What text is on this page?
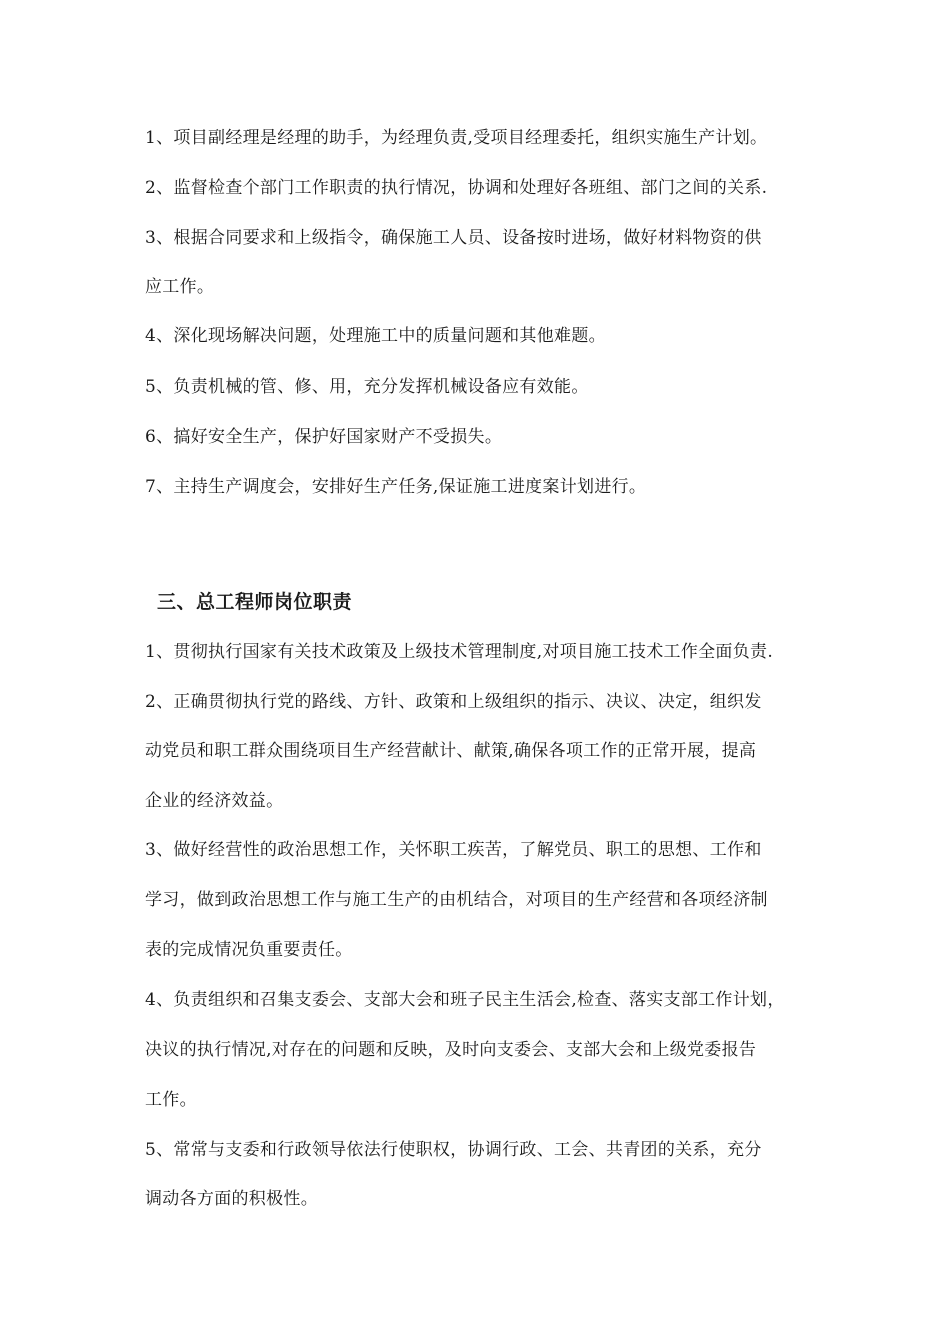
1、项目副经理是经理的助手，为经理负责,受项目经理委托，组织实施生产计划。
2、监督检查个部门工作职责的执行情况，协调和处理好各班组、部门之间的关系.
3、根据合同要求和上级指令，确保施工人员、设备按时进场，做好材料物资的供
应工作。
4、深化现场解决问题，处理施工中的质量问题和其他难题。
5、负责机械的管、修、用，充分发挥机械设备应有效能。
6、搞好安全生产，保护好国家财产不受损失。
7、主持生产调度会，安排好生产任务,保证施工进度案计划进行。
三、总工程师岗位职责
1、贯彻执行国家有关技术政策及上级技术管理制度,对项目施工技术工作全面负责.
2、正确贯彻执行党的路线、方针、政策和上级组织的指示、决议、决定，组织发
动党员和职工群众围绕项目生产经营献计、献策,确保各项工作的正常开展，提高
企业的经济效益。
3、做好经营性的政治思想工作，关怀职工疾苦，了解党员、职工的思想、工作和
学习，做到政治思想工作与施工生产的由机结合，对项目的生产经营和各项经济制
表的完成情况负重要责任。
4、负责组织和召集支委会、支部大会和班子民主生活会,检查、落实支部工作计划，
决议的执行情况,对存在的问题和反映，及时向支委会、支部大会和上级党委报告
工作。
5、常常与支委和行政领导依法行使职权，协调行政、工会、共青团的关系，充分
调动各方面的积极性。
